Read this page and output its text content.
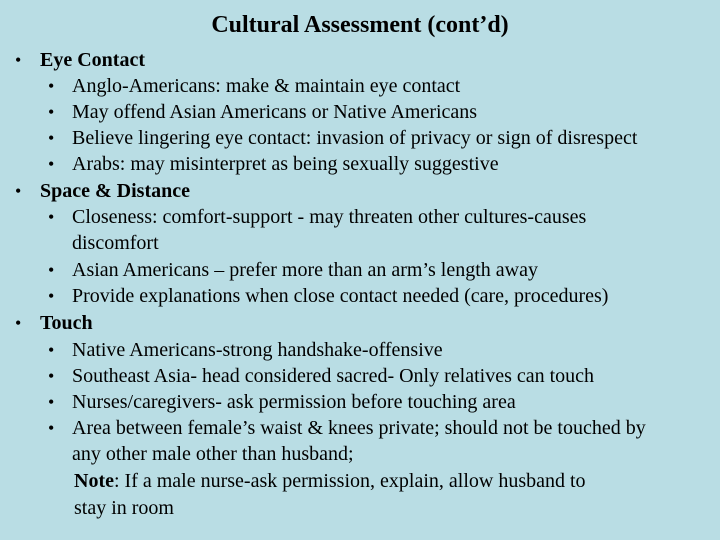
Cultural Assessment (cont’d)
• Eye Contact
• Anglo-Americans: make & maintain eye contact
• May offend Asian Americans or Native Americans
• Believe lingering eye contact: invasion of privacy or sign of disrespect
• Arabs: may misinterpret as being sexually suggestive
• Space & Distance
• Closeness: comfort-support - may threaten other cultures-causes
discomfort
• Asian Americans – prefer more than an arm’s length away
• Provide explanations when close contact needed (care, procedures)
• Touch
• Native Americans-strong handshake-offensive
• Southeast Asia- head considered sacred- Only relatives can touch
• Nurses/caregivers- ask permission before touching area
• Area between female’s waist & knees private; should not be touched by
any other male other than husband;
Note: If a male nurse-ask permission, explain, allow husband to
stay in room
